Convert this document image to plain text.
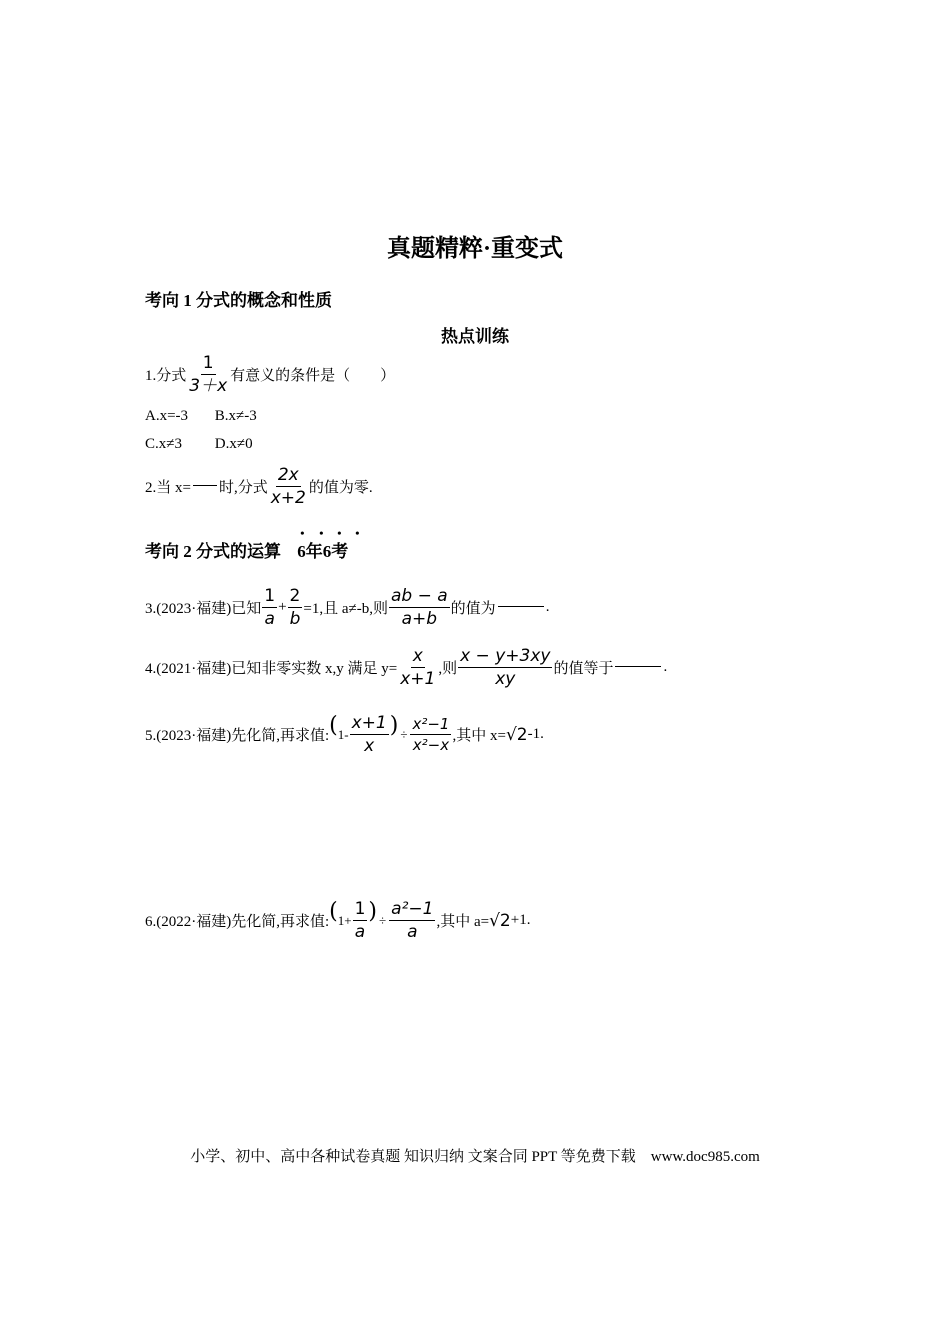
真题精粹·重变式
考向 1 分式的概念和性质
热点训练
1.分式 $\frac{1}{3+x}$ 有意义的条件是（　　）
A.x=-3 B.x≠-3
C.x≠3 D.x≠0
2.当 x= 时,分式 $\frac{2x}{x+2}$ 的值为零.
考向 2 分式的运算
• • • •
6年6考
3.(2023·福建)已知 $\frac{1}{a} + \frac{2}{b} =1$,且 a≠-b,则 $\frac{ab - a}{a+b}$ 的值为	.
4.(2021·福建)已知非零实数 x,y 满足 $y= \frac{x}{x+1}$ ,则 $\frac{x - y+3xy}{xy}$ 的值等于	.
5.(2023·福建)先化简,再求值: ( $1- \frac{x+1}{x}$ ) ÷ $\frac{\text{x²−1}}{\text{x²−x}}$ ,其中 x= √2 -1.
6.(2022·福建)先化简,再求值: ( $1+ \frac{1}{a}$ ) ÷ $\frac{\text{a²−1}}{a}$ ,其中 a= √2 +1.
小学、初中、高中各种试卷真题 知识归纳 文案合同 PPT 等免费下载　www.doc985.com
